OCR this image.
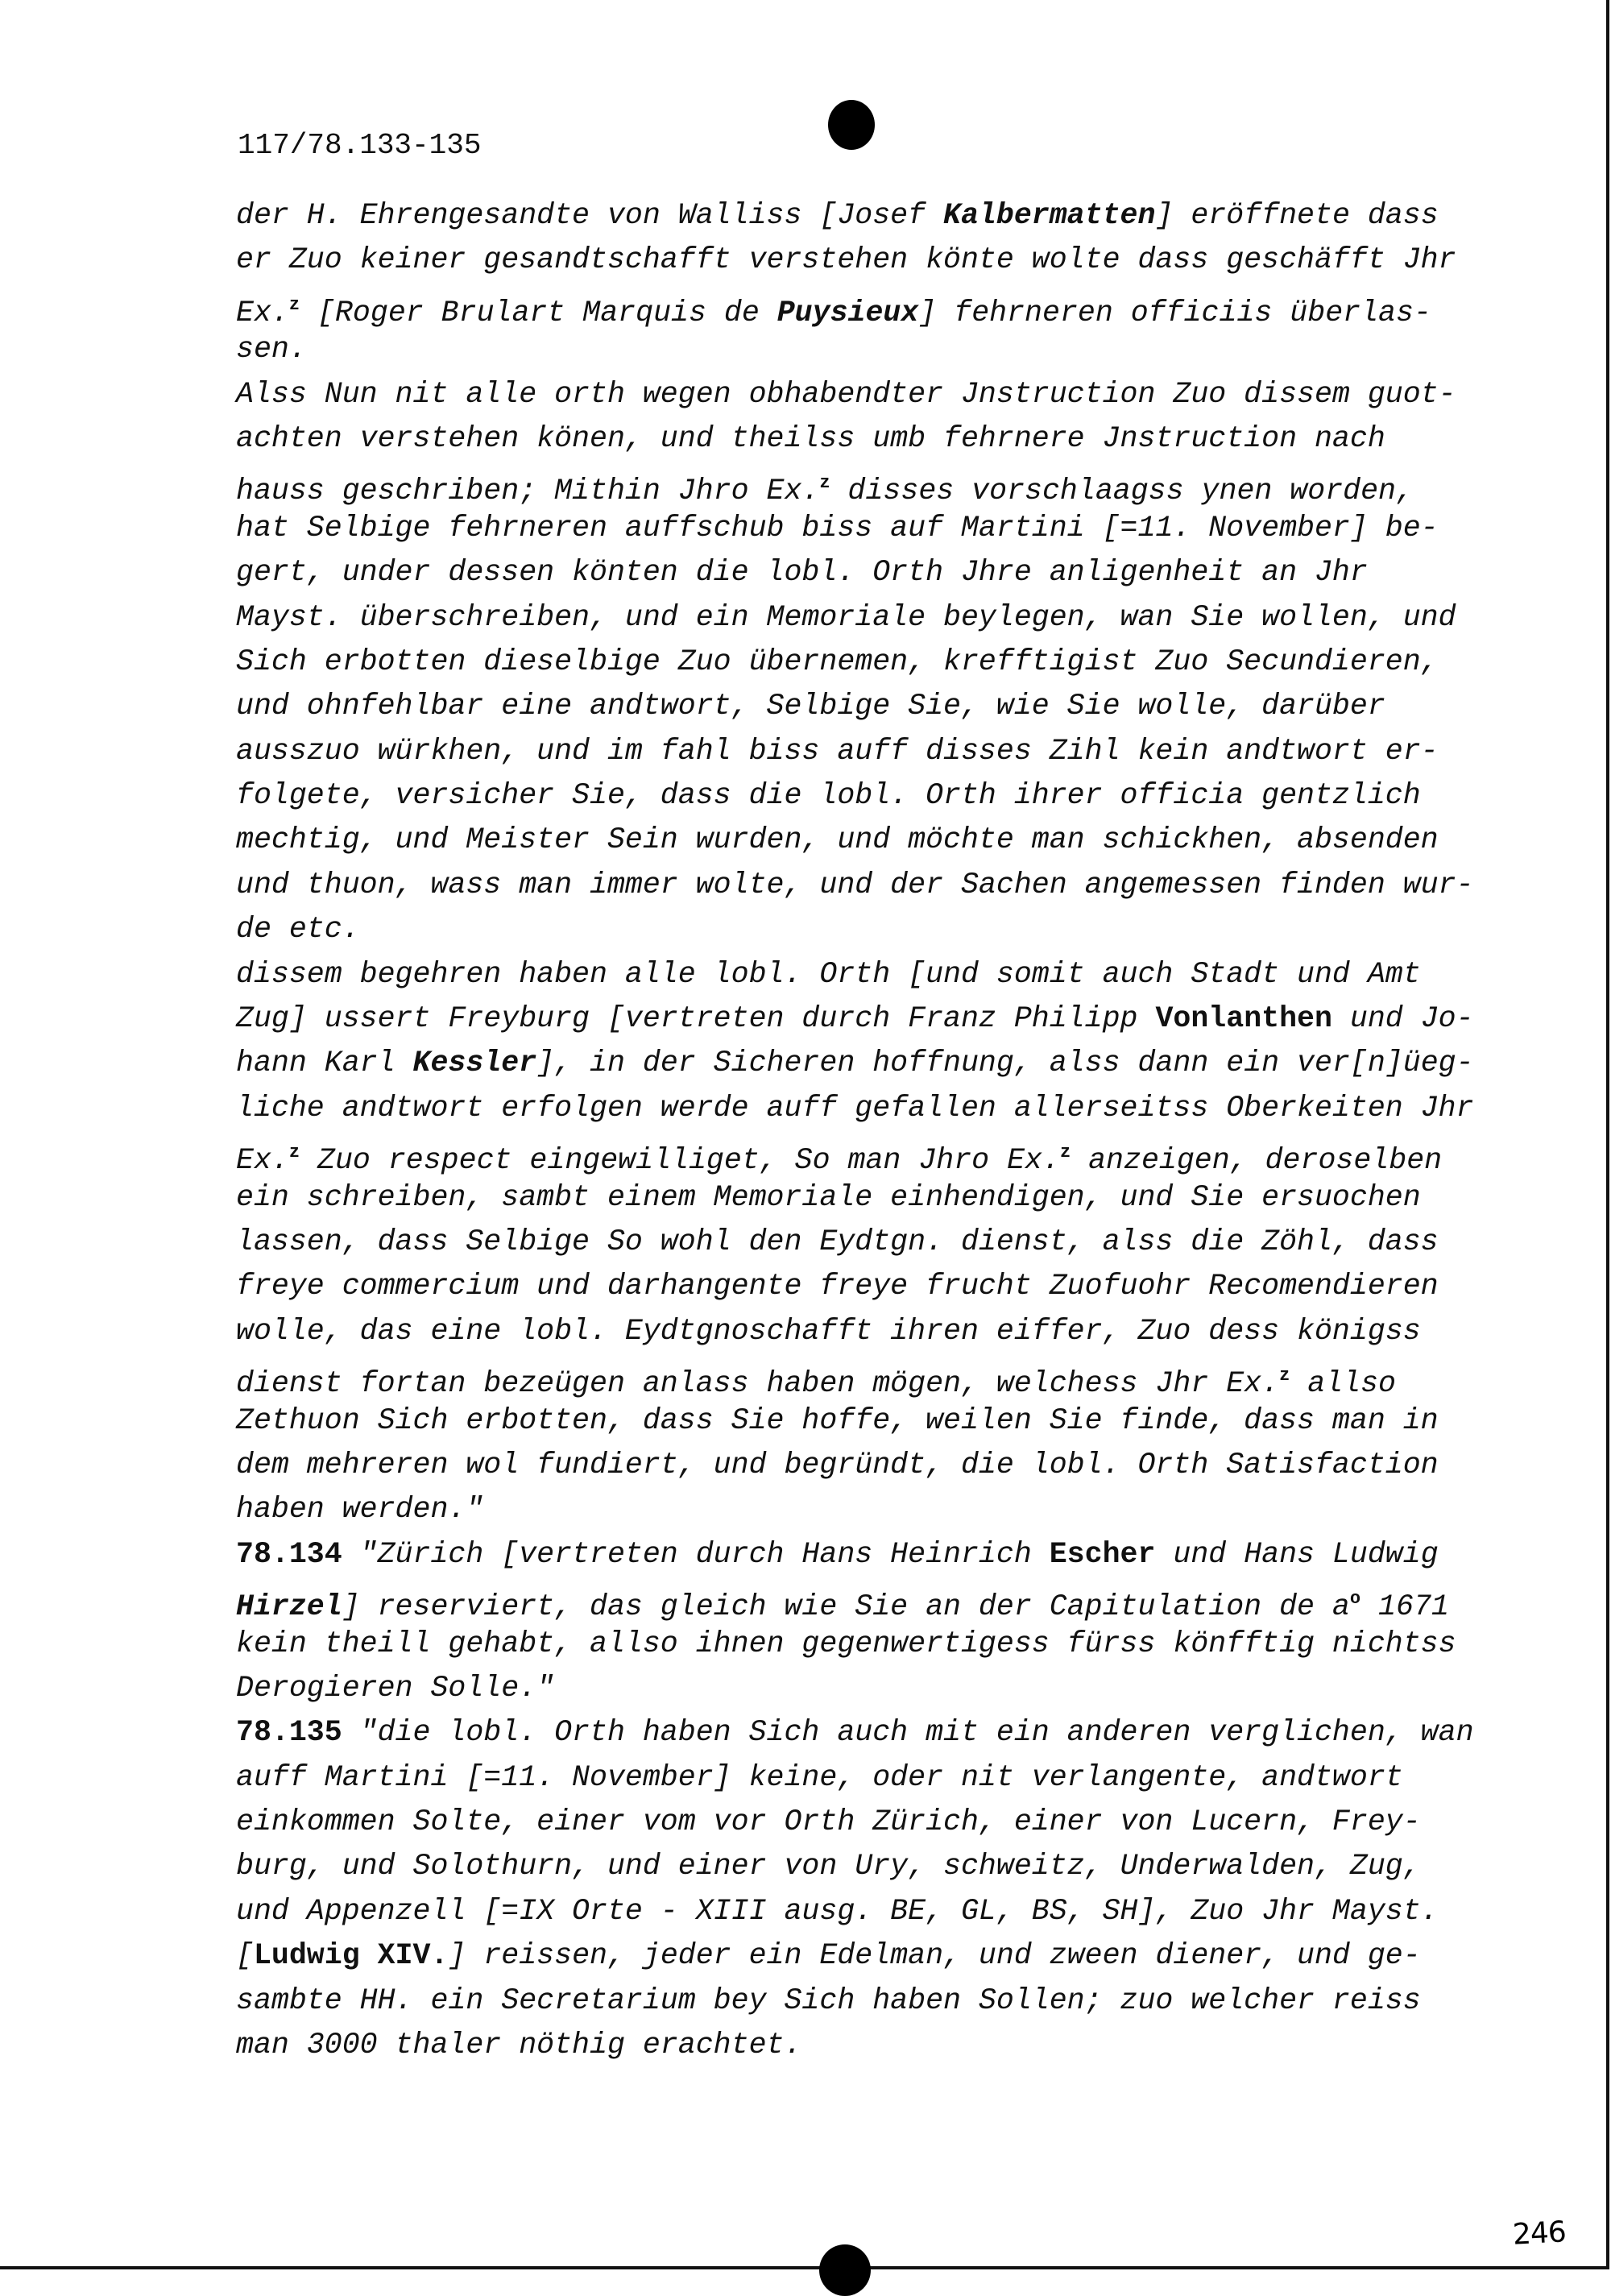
117/78.133-135
der H. Ehrengesandte von Walliss [Josef Kalbermatten] eröffnete dass
er Zuo keiner gesandtschafft verstehen könte wolte dass geschäfft Jhr
Ex.$^z$ [Roger Brulart Marquis de Puysieux] fehrneren officiis überlas-
sen.
Alss Nun nit alle orth wegen obhabendter Jnstruction Zuo dissem guot-
achten verstehen könen, und theilss umb fehrnere Jnstruction nach
hauss geschriben; Mithin Jhro Ex.$^z$ disses vorschlaagss ynen worden,
hat Selbige fehrneren auffschub biss auf Martini [=11. November] be-
gert, under dessen könten die lobl. Orth Jhre anligenheit an Jhr
Mayst. überschreiben, und ein Memoriale beylegen, wan Sie wollen, und
Sich erbotten dieselbige Zuo übernemen, krefftigist Zuo Secundieren,
und ohnfehlbar eine andtwort, Selbige Sie, wie Sie wolle, darüber
ausszuo würkhen, und im fahl biss auff disses Zihl kein andtwort er-
folgete, versicher Sie, dass die lobl. Orth ihrer officia gentzlich
mechtig, und Meister Sein wurden, und möchte man schickhen, absenden
und thuon, wass man immer wolte, und der Sachen angemessen finden wur-
de etc.
dissem begehren haben alle lobl. Orth [und somit auch Stadt und Amt
Zug] ussert Freyburg [vertreten durch Franz Philipp Vonlanthen und Jo-
hann Karl Kessler], in der Sicheren hoffnung, alss dann ein ver[n]üeg-
liche andtwort erfolgen werde auff gefallen allerseitss Oberkeiten Jhr
Ex.$^z$ Zuo respect eingewilliget, So man Jhro Ex.$^z$ anzeigen, deroselben
ein schreiben, sambt einem Memoriale einhendigen, und Sie ersuochen
lassen, dass Selbige So wohl den Eydtgn. dienst, alss die Zöhl, dass
freye commercium und darhangente freye frucht Zuofuohr Recomendieren
wolle, das eine lobl. Eydtgnoschafft ihren eiffer, Zuo dess königss
dienst fortan bezeügen anlass haben mögen, welchess Jhr Ex.$^z$ allso
Zethuon Sich erbotten, dass Sie hoffe, weilen Sie finde, dass man in
dem mehreren wol fundiert, und begründt, die lobl. Orth Satisfaction
haben werden."
78.134 "Zürich [vertreten durch Hans Heinrich Escher und Hans Ludwig
Hirzel] reserviert, das gleich wie Sie an der Capitulation de $a^o$ 1671
kein theill gehabt, allso ihnen gegenwertigess fürss könfftig nichtss
Derogieren Solle."
78.135 "die lobl. Orth haben Sich auch mit ein anderen verglichen, wan
auff Martini [=11. November] keine, oder nit verlangente, andtwort
einkommen Solte, einer vom vor Orth Zürich, einer von Lucern, Frey-
burg, und Solothurn, und einer von Ury, schweitz, Underwalden, Zug,
und Appenzell [=IX Orte - XIII ausg. BE, GL, BS, SH], Zuo Jhr Mayst.
[Ludwig XIV.] reissen, jeder ein Edelman, und zween diener, und ge-
sambte HH. ein Secretarium bey Sich haben Sollen; zuo welcher reiss
man 3000 thaler nöthig erachtet.
246
